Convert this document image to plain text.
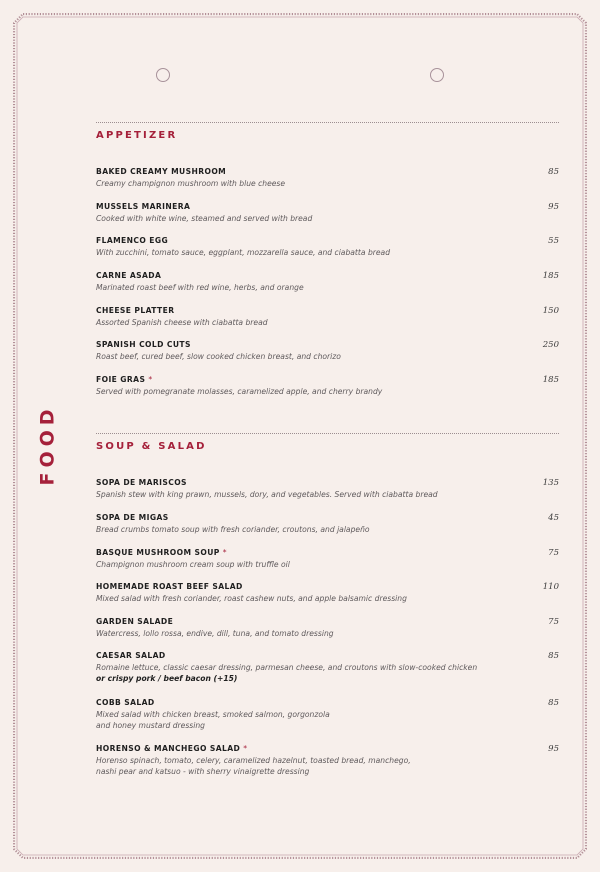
FOOD
APPETIZER
BAKED CREAMY MUSHROOM
Creamy champignon mushroom with blue cheese
85
MUSSELS MARINERA
Cooked with white wine, steamed and served with bread
95
FLAMENCO EGG
With zucchini, tomato sauce, eggplant, mozzarella sauce, and ciabatta bread
55
CARNE ASADA
Marinated roast beef with red wine, herbs, and orange
185
CHEESE PLATTER
Assorted Spanish cheese with ciabatta bread
150
SPANISH COLD CUTS
Roast beef, cured beef, slow cooked chicken breast, and chorizo
250
FOIE GRAS *
Served with pomegranate molasses, caramelized apple, and cherry brandy
185
SOUP & SALAD
SOPA DE MARISCOS
Spanish stew with king prawn, mussels, dory, and vegetables. Served with ciabatta bread
135
SOPA DE MIGAS
Bread crumbs tomato soup with fresh coriander, croutons, and jalapeño
45
BASQUE MUSHROOM SOUP *
Champignon mushroom cream soup with truffle oil
75
HOMEMADE ROAST BEEF SALAD
Mixed salad with fresh coriander, roast cashew nuts, and apple balsamic dressing
110
GARDEN SALADE
Watercress, lollo rossa, endive, dill, tuna, and tomato dressing
75
CAESAR SALAD
Romaine lettuce, classic caesar dressing, parmesan cheese, and croutons with slow-cooked chicken
or crispy pork / beef bacon (+15)
85
COBB SALAD
Mixed salad with chicken breast, smoked salmon, gorgonzola
and honey mustard dressing
85
HORENSO & MANCHEGO SALAD *
Horenso spinach, tomato, celery, caramelized hazelnut, toasted bread, manchego,
nashi pear and katsuo - with sherry vinaigrette dressing
95
